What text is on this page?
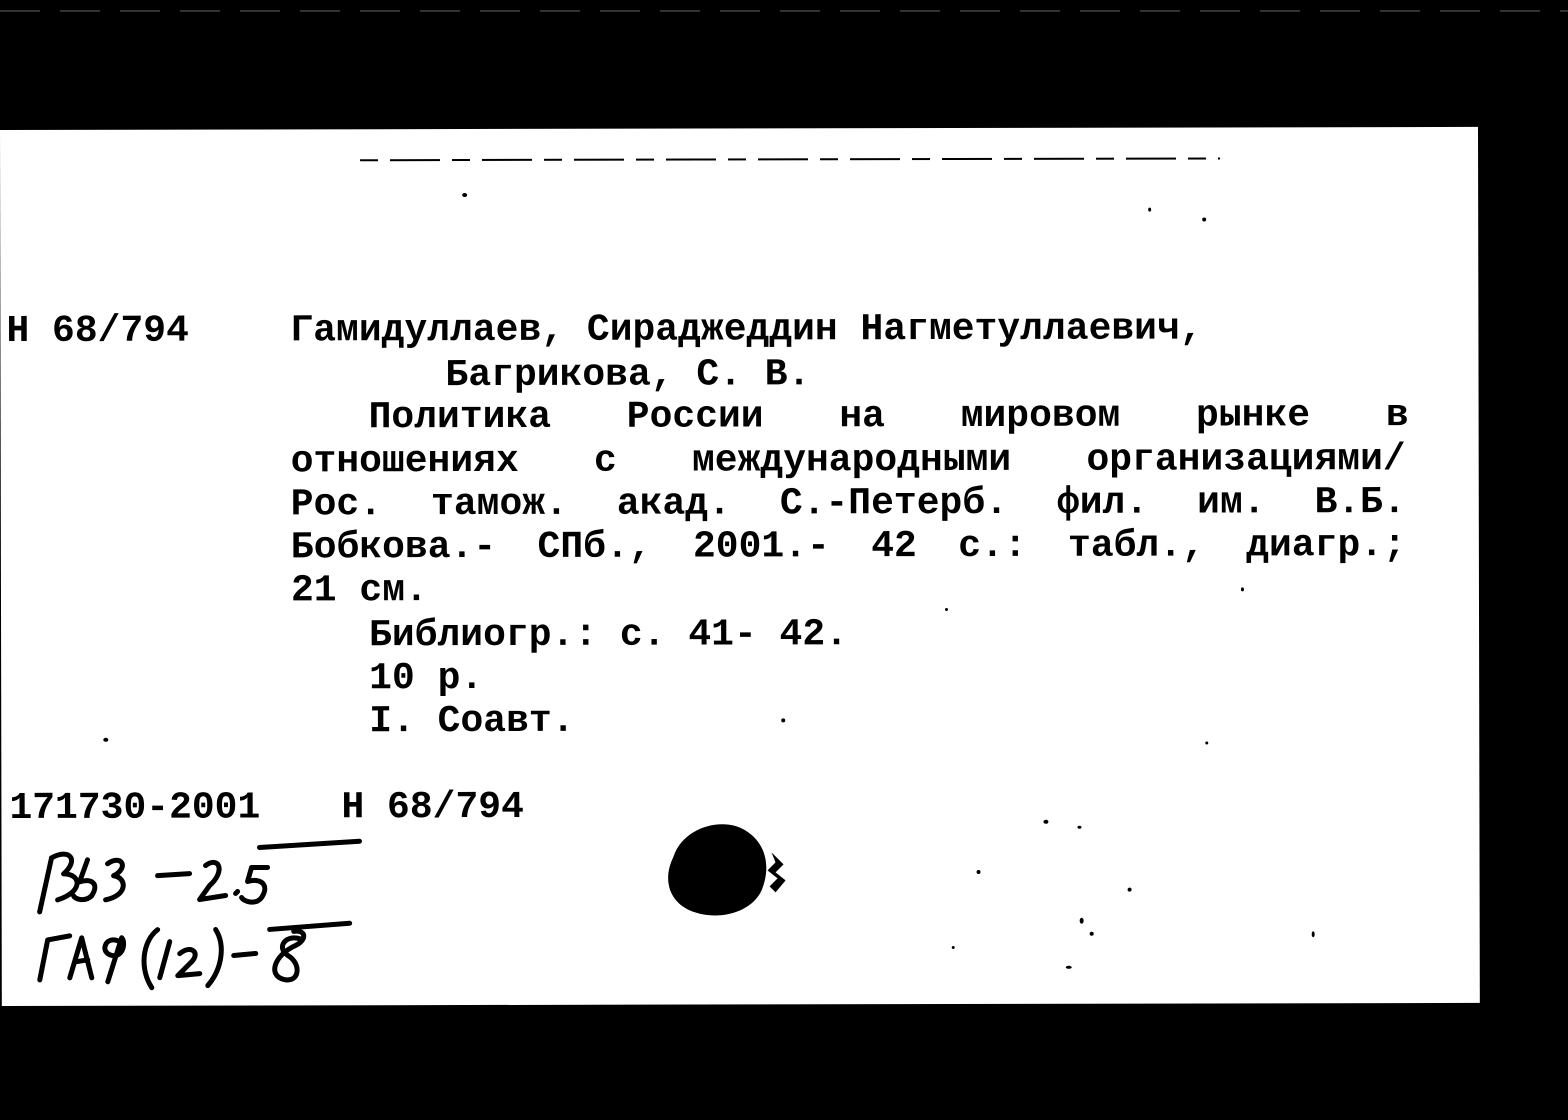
Н 68/794	Гамидуллаев, Сираджеддин Нагметуллаевич,
Багрикова, С. В.
Политика России на мировом рынке в
отношениях с международными организациями/
Рос. тамож. акад. С.-Петерб. фил. им. В.Б.
Бобкова.- СПб., 2001.- 42 с.: табл., диагр.;
21 см.
Библиогр.: с. 41- 42.
10 р.
I. Соавт.
171730-2001 Н 68/794
